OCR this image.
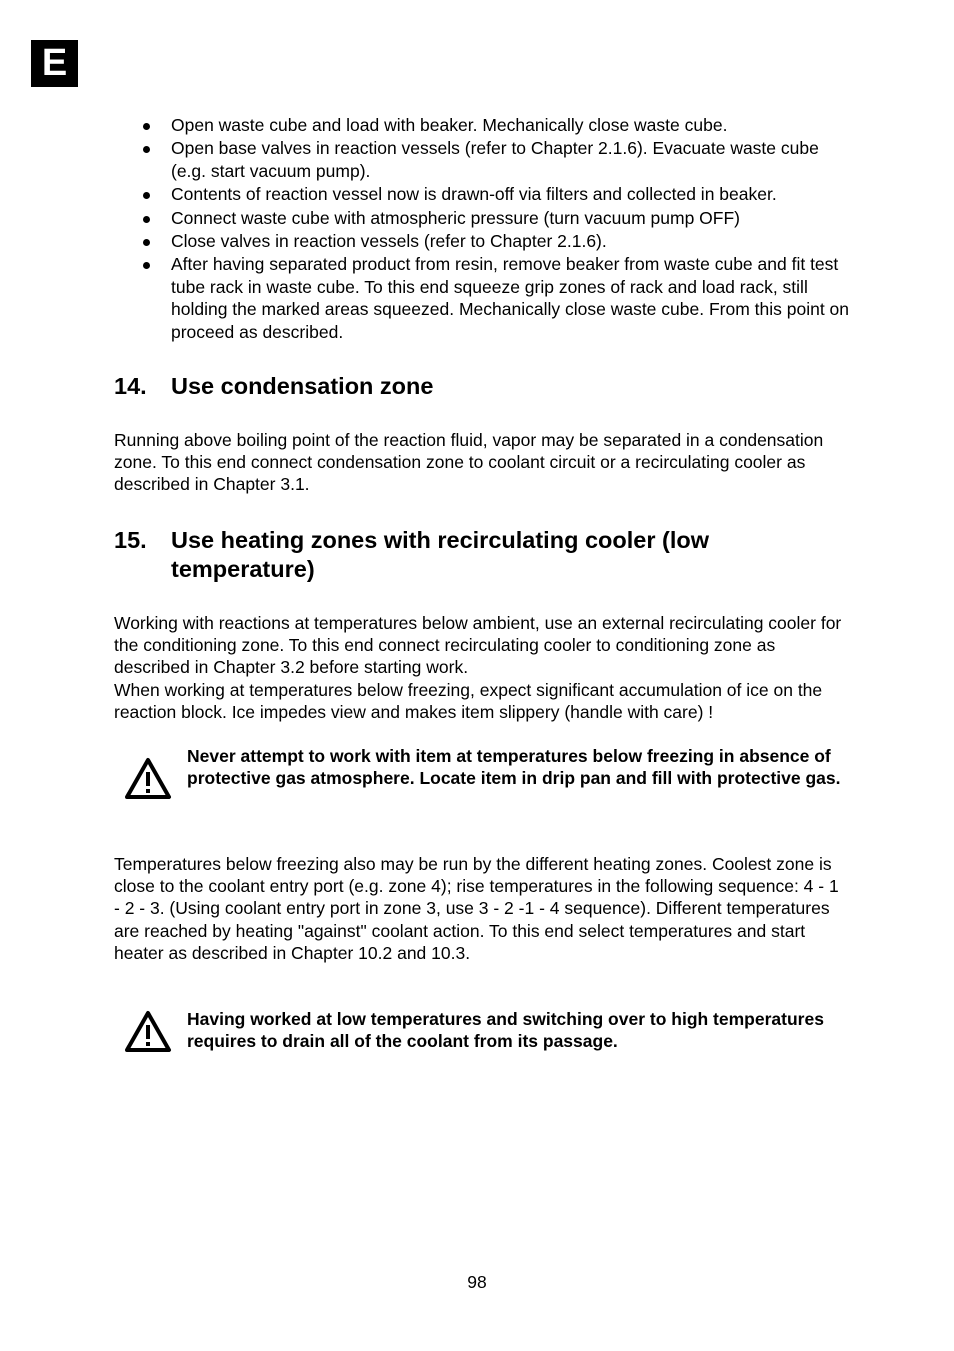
E
Open waste cube and load with beaker. Mechanically close waste cube.
Open base valves in reaction vessels (refer to Chapter 2.1.6). Evacuate waste cube (e.g. start vacuum pump).
Contents of reaction vessel now is drawn-off via filters and collected in beaker.
Connect waste cube with atmospheric pressure (turn vacuum pump OFF)
Close valves in reaction vessels (refer to Chapter 2.1.6).
After having separated product from resin, remove beaker from waste cube and fit test tube rack in waste cube. To this end squeeze grip zones of rack and load rack, still holding the marked areas squeezed. Mechanically close waste cube. From this point on proceed as described.
14. Use condensation zone

Running above boiling point of the reaction fluid, vapor may be separated in a condensation zone. To this end connect condensation zone to coolant circuit or a recirculating cooler as described in Chapter 3.1.

15. Use heating zones with recirculating cooler (low temperature)

Working with reactions at temperatures below ambient, use an external recirculating cooler for the conditioning zone. To this end connect recirculating cooler to conditioning zone as described in Chapter 3.2 before starting work.

When working at temperatures below freezing, expect significant accumulation of ice on the reaction block. Ice impedes view and makes item slippery (handle with care) !

Never attempt to work with item at temperatures below freezing in absence of protective gas atmosphere. Locate item in drip pan and fill with protective gas.

Temperatures below freezing also may be run by the different heating zones. Coolest zone is close to the coolant entry port (e.g. zone 4); rise temperatures in the following sequence: 4 - 1 - 2 - 3. (Using coolant entry port in zone 3, use 3 - 2 -1 - 4 sequence). Different temperatures are reached by heating "against" coolant action. To this end select temperatures and start heater as described in Chapter 10.2 and 10.3.

Having worked at low temperatures and switching over to high temperatures requires to drain all of the coolant from its passage.
98
